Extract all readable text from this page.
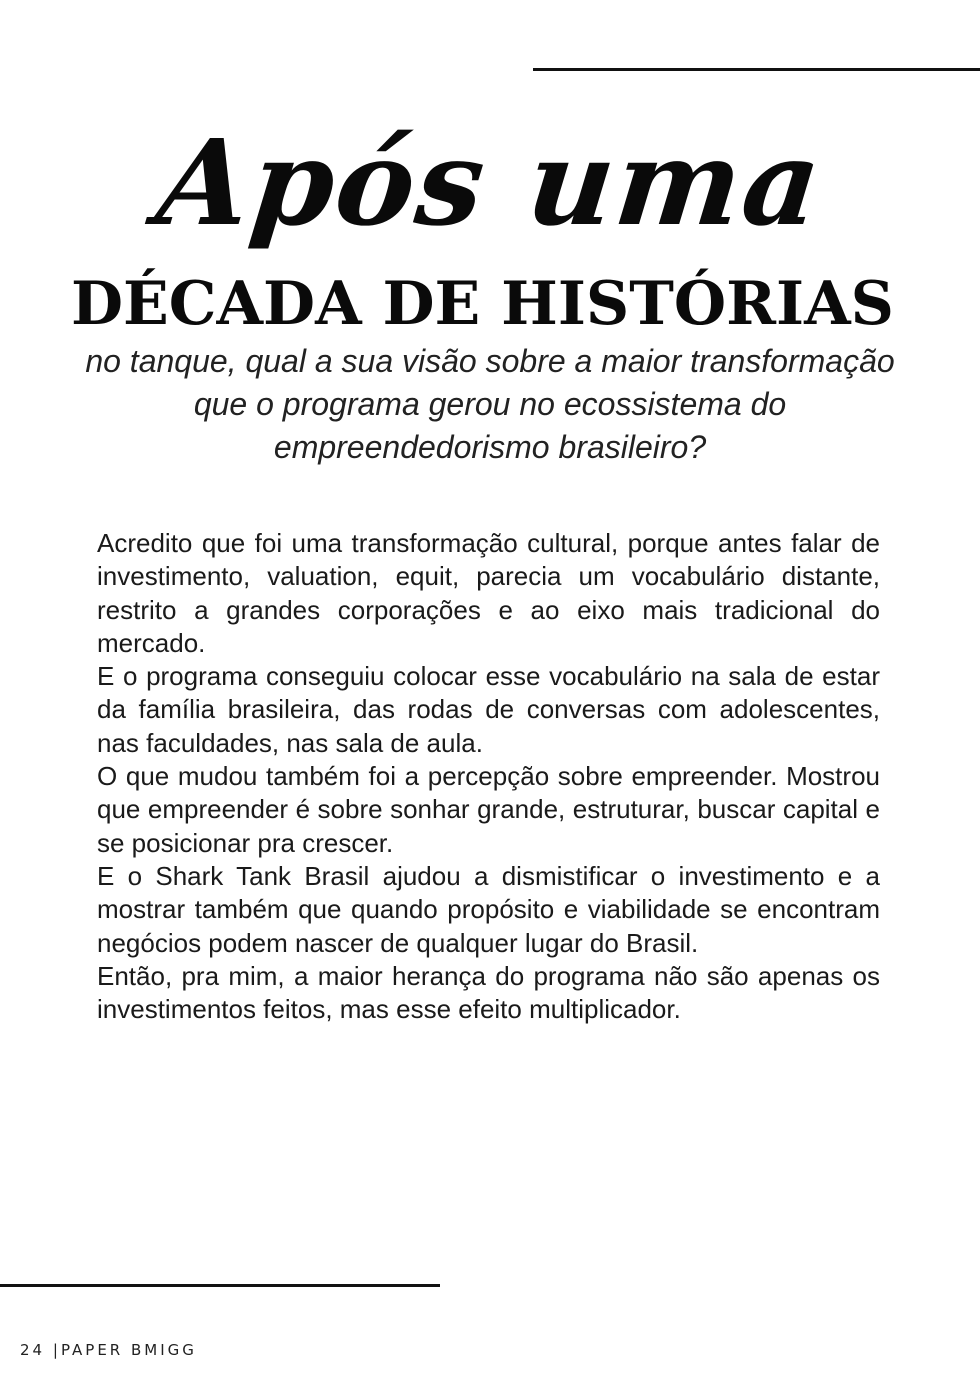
Após uma
DÉCADA DE HISTÓRIAS
no tanque, qual a sua visão sobre a maior transformação que o programa gerou no ecossistema do empreendedorismo brasileiro?

Acredito que foi uma transformação cultural, porque antes falar de investimento, valuation, equit, parecia um vocabulário distante, restrito a grandes corporações e ao eixo mais tradicional do mercado.

E o programa conseguiu colocar esse vocabulário na sala de estar da família brasileira, das rodas de conversas com adolescentes, nas faculdades, nas sala de aula.

O que mudou também foi a percepção sobre empreender. Mostrou que empreender é sobre sonhar grande, estruturar, buscar capital e se posicionar pra crescer.

E o Shark Tank Brasil ajudou a dismistificar o investimento e a mostrar também que quando propósito e viabilidade se encontram negócios podem nascer de qualquer lugar do Brasil.

Então, pra mim, a maior herança do programa não são apenas os investimentos feitos, mas esse efeito multiplicador.

24 |PAPER BMIGG
